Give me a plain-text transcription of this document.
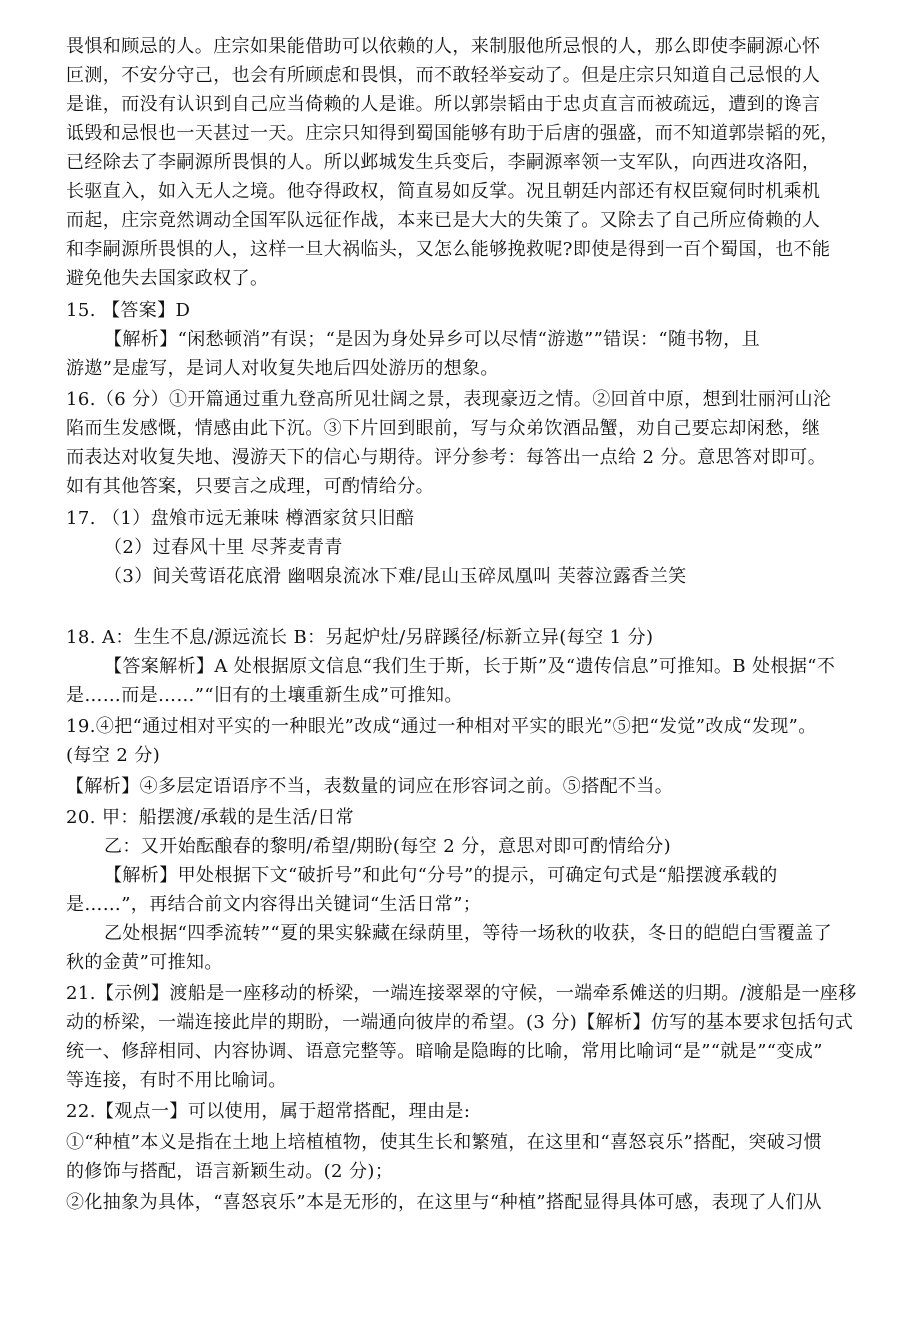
畏惧和顾忌的人。庄宗如果能借助可以依赖的人，来制服他所忌恨的人，那么即使李嗣源心怀
叵测，不安分守己，也会有所顾虑和畏惧，而不敢轻举妄动了。但是庄宗只知道自己忌恨的人
是谁，而没有认识到自己应当倚赖的人是谁。所以郭崇韬由于忠贞直言而被疏远，遭到的谗言
诋毁和忌恨也一天甚过一天。庄宗只知得到蜀国能够有助于后唐的强盛，而不知道郭崇韬的死，
已经除去了李嗣源所畏惧的人。所以邺城发生兵变后，李嗣源率领一支军队，向西进攻洛阳，
长驱直入，如入无人之境。他夺得政权，简直易如反掌。况且朝廷内部还有权臣窥伺时机乘机
而起，庄宗竟然调动全国军队远征作战，本来已是大大的失策了。又除去了自己所应倚赖的人
和李嗣源所畏惧的人，这样一旦大祸临头，又怎么能够挽救呢?即使是得到一百个蜀国，也不能
避免他失去国家政权了。
15. 【答案】D
【解析】“闲愁顿消”有误；“是因为身处异乡可以尽情“游遨””错误：“随书物，且
游遨”是虚写，是词人对收复失地后四处游历的想象。
16.（6 分）①开篇通过重九登高所见壮阔之景，表现豪迈之情。②回首中原，想到壮丽河山沦
陷而生发感慨，情感由此下沉。③下片回到眼前，写与众弟饮酒品蟹，劝自己要忘却闲愁，继
而表达对收复失地、漫游天下的信心与期待。评分参考：每答出一点给 2 分。意思答对即可。
如有其他答案，只要言之成理，可酌情给分。
17. （1）盘飧市远无兼味 樽酒家贫只旧醅
（2）过春风十里 尽荠麦青青
（3）间关莺语花底滑 幽咽泉流冰下难/昆山玉碎凤凰叫 芙蓉泣露香兰笑
18. A：生生不息/源远流长 B：另起炉灶/另辟蹊径/标新立异(每空 1 分)
【答案解析】A 处根据原文信息“我们生于斯，长于斯”及“遗传信息”可推知。B 处根据“不
是……而是……”“旧有的土壤重新生成”可推知。
19.④把“通过相对平实的一种眼光”改成“通过一种相对平实的眼光”⑤把“发觉”改成“发现”。
(每空 2 分)
【解析】④多层定语语序不当，表数量的词应在形容词之前。⑤搭配不当。
20. 甲：船摆渡/承载的是生活/日常
乙：又开始酝酿春的黎明/希望/期盼(每空 2 分，意思对即可酌情给分)
【解析】甲处根据下文“破折号”和此句“分号”的提示，可确定句式是“船摆渡承载的
是……”，再结合前文内容得出关键词“生活日常”；
乙处根据“四季流转”“夏的果实躲藏在绿荫里，等待一场秋的收获，冬日的皑皑白雪覆盖了
秋的金黄”可推知。
21.【示例】渡船是一座移动的桥梁，一端连接翠翠的守候，一端牵系傩送的归期。/渡船是一座移
动的桥梁，一端连接此岸的期盼，一端通向彼岸的希望。(3 分)【解析】仿写的基本要求包括句式
统一、修辞相同、内容协调、语意完整等。暗喻是隐晦的比喻，常用比喻词“是”“就是”“变成”
等连接，有时不用比喻词。
22.【观点一】可以使用，属于超常搭配，理由是:
①“种植”本义是指在土地上培植植物，使其生长和繁殖，在这里和“喜怒哀乐”搭配，突破习惯
的修饰与搭配，语言新颖生动。(2 分)；
②化抽象为具体，“喜怒哀乐”本是无形的，在这里与“种植”搭配显得具体可感，表现了人们从
